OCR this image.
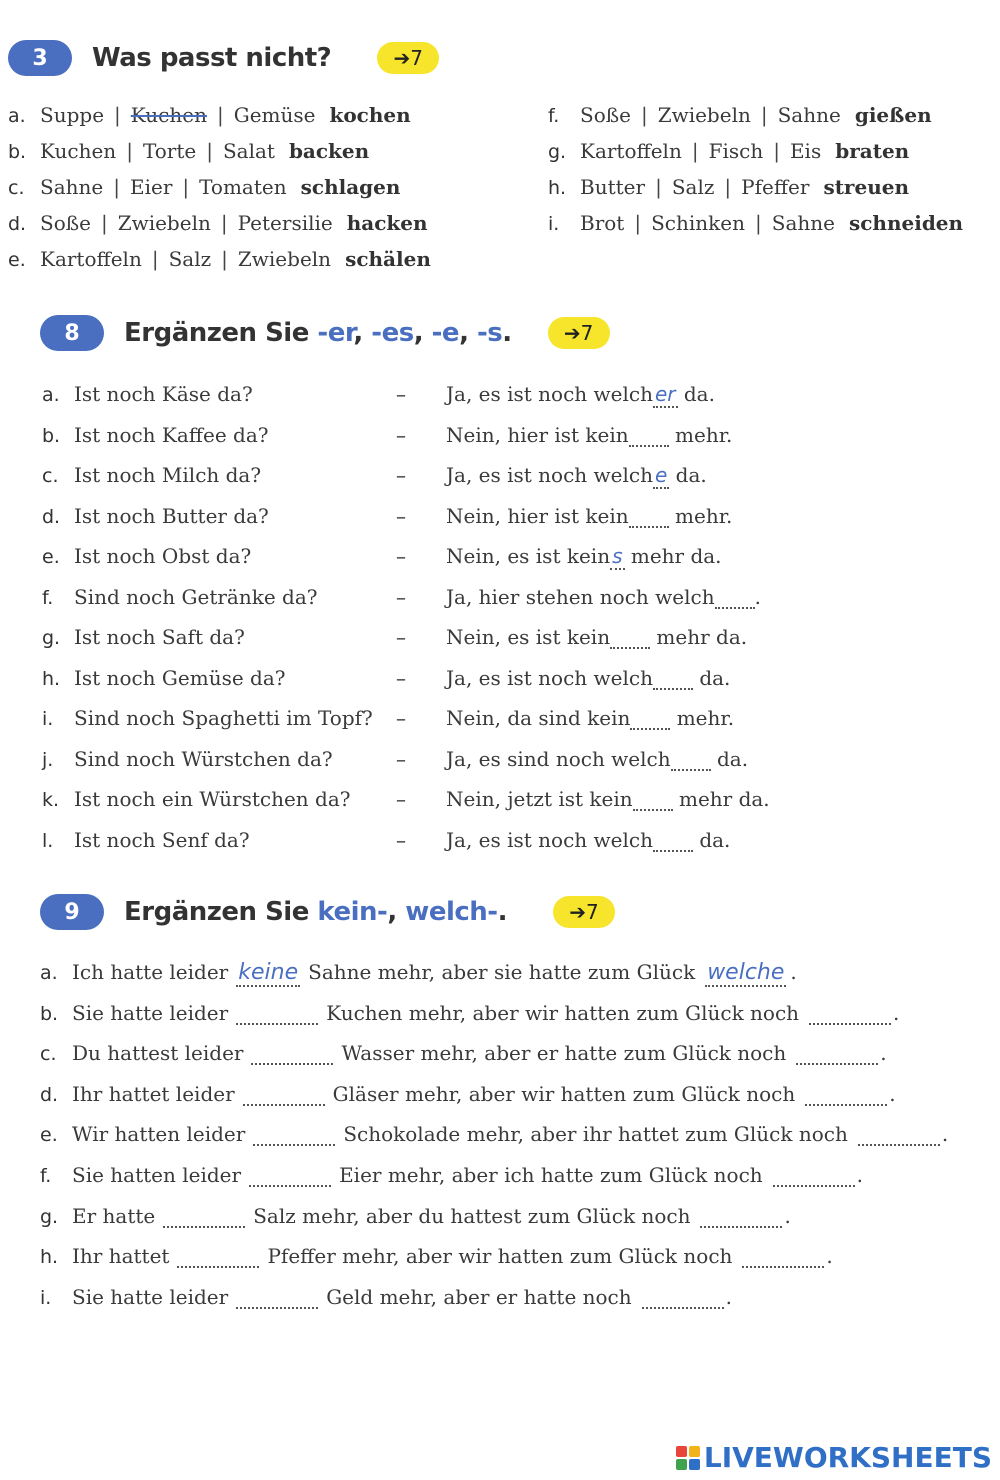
3	Was passt nicht?	➔7
a. Suppe | Kuchen | Gemüse kochen
b. Kuchen | Torte | Salat backen
c. Sahne | Eier | Tomaten schlagen
d. Soße | Zwiebeln | Petersilie hacken
e. Kartoffeln | Salz | Zwiebeln schälen
f. Soße | Zwiebeln | Sahne gießen
g. Kartoffeln | Fisch | Eis braten
h. Butter | Salz | Pfeffer streuen
i. Brot | Schinken | Sahne schneiden
8	Ergänzen Sie -er, -es, -e, -s.	➔7
a. Ist noch Käse da?	– Ja, es ist noch welch er da.
b. Ist noch Kaffee da?	– Nein, hier ist kein mehr.
c. Ist noch Milch da?	– Ja, es ist noch welch e da.
d. Ist noch Butter da?	– Nein, hier ist kein mehr.
e. Ist noch Obst da?	– Nein, es ist kein s mehr da.
f. Sind noch Getränke da?	– Ja, hier stehen noch welch .
g. Ist noch Saft da?	– Nein, es ist kein mehr da.
h. Ist noch Gemüse da?	– Ja, es ist noch welch da.
i. Sind noch Spaghetti im Topf? – Nein, da sind kein mehr.
j. Sind noch Würstchen da?	– Ja, es sind noch welch da.
k. Ist noch ein Würstchen da? – Nein, jetzt ist kein mehr da.
l. Ist noch Senf da?	– Ja, es ist noch welch da.
9	Ergänzen Sie kein-, welch-.	➔7
a. Ich hatte leider keine Sahne mehr, aber sie hatte zum Glück welche .
b. Sie hatte leider	Kuchen mehr, aber wir hatten zum Glück noch	.
c. Du hattest leider	Wasser mehr, aber er hatte zum Glück noch	.
d. Ihr hattet leider	Gläser mehr, aber wir hatten zum Glück noch	.
e. Wir hatten leider	Schokolade mehr, aber ihr hattet zum Glück noch	.
f. Sie hatten leider	Eier mehr, aber ich hatte zum Glück noch	.
g. Er hatte	Salz mehr, aber du hattest zum Glück noch	.
h. Ihr hattet	Pfeffer mehr, aber wir hatten zum Glück noch	.
i. Sie hatte leider	Geld mehr, aber er hatte noch	.
LIVEWORKSHEETS
